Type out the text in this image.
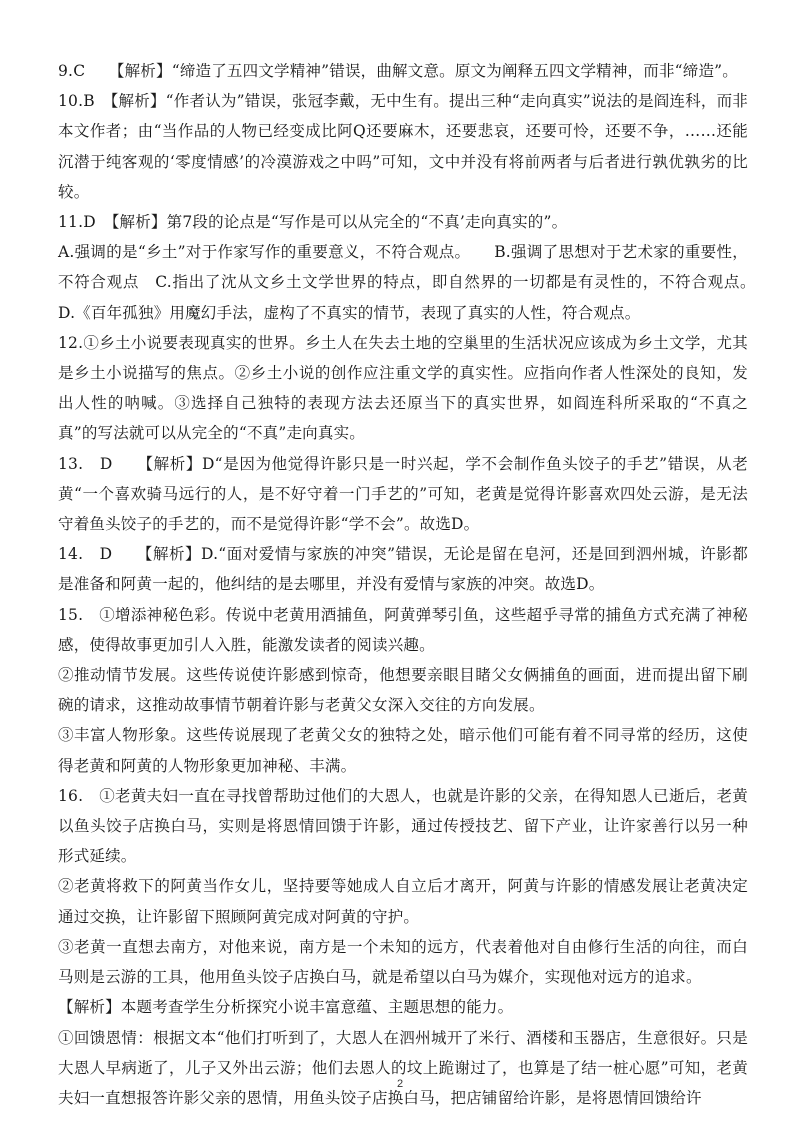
9.C　　【解析】“缔造了五四文学精神”错误，曲解文意。原文为阐释五四文学精神，而非“缔造”。

10.B　【解析】“作者认为”错误，张冠李戴，无中生有。提出三种“走向真实”说法的是阎连科，而非本文作者；由“当作品的人物已经变成比阿Q还要麻木，还要悲哀，还要可怜，还要不争，……还能沉潜于纯客观的‘零度情感’的冷漠游戏之中吗”可知，文中并没有将前两者与后者进行孰优孰劣的比较。

11.D　【解析】第7段的论点是“写作是可以从完全的“不真’走向真实的”。

A.强调的是“乡土”对于作家写作的重要意义，不符合观点。　　B.强调了思想对于艺术家的重要性，不符合观点　C.指出了沈从文乡土文学世界的特点，即自然界的一切都是有灵性的，不符合观点。　　D.《百年孤独》用魔幻手法，虚构了不真实的情节，表现了真实的人性，符合观点。

12.①乡土小说要表现真实的世界。乡土人在失去土地的空巢里的生活状况应该成为乡土文学，尤其是乡土小说描写的焦点。②乡土小说的创作应注重文学的真实性。应指向作者人性深处的良知，发出人性的呐喊。③选择自己独特的表现方法去还原当下的真实世界，如阎连科所采取的“不真之真”的写法就可以从完全的“不真”走向真实。

13.　D　　【解析】D“是因为他觉得许影只是一时兴起，学不会制作鱼头饺子的手艺”错误，从老黄“一个喜欢骑马远行的人，是不好守着一门手艺的”可知，老黄是觉得许影喜欢四处云游，是无法守着鱼头饺子的手艺的，而不是觉得许影“学不会”。故选D。

14.　D　　【解析】D.“面对爱情与家族的冲突”错误，无论是留在皂河，还是回到泗州城，许影都是准备和阿黄一起的，他纠结的是去哪里，并没有爱情与家族的冲突。故选D。

15.　①增添神秘色彩。传说中老黄用酒捕鱼，阿黄弹琴引鱼，这些超乎寻常的捕鱼方式充满了神秘感，使得故事更加引人入胜，能激发读者的阅读兴趣。

②推动情节发展。这些传说使许影感到惊奇，他想要亲眼目睹父女俩捕鱼的画面，进而提出留下刷碗的请求，这推动故事情节朝着许影与老黄父女深入交往的方向发展。

③丰富人物形象。这些传说展现了老黄父女的独特之处，暗示他们可能有着不同寻常的经历，这使得老黄和阿黄的人物形象更加神秘、丰满。

16.　①老黄夫妇一直在寻找曾帮助过他们的大恩人，也就是许影的父亲，在得知恩人已逝后，老黄以鱼头饺子店换白马，实则是将恩情回馈于许影，通过传授技艺、留下产业，让许家善行以另一种形式延续。

②老黄将救下的阿黄当作女儿，坚持要等她成人自立后才离开，阿黄与许影的情感发展让老黄决定通过交换，让许影留下照顾阿黄完成对阿黄的守护。

③老黄一直想去南方，对他来说，南方是一个未知的远方，代表着他对自由修行生活的向往，而白马则是云游的工具，他用鱼头饺子店换白马，就是希望以白马为媒介，实现他对远方的追求。

【解析】本题考查学生分析探究小说丰富意蕴、主题思想的能力。

①回馈恩情：根据文本“他们打听到了，大恩人在泗州城开了米行、酒楼和玉器店，生意很好。只是大恩人早病逝了，儿子又外出云游；他们去恩人的坟上跪谢过了，也算是了结一桩心愿”可知，老黄夫妇一直想报答许影父亲的恩情，用鱼头饺子店换白马，把店铺留给许影，是将恩情回馈给许

2
